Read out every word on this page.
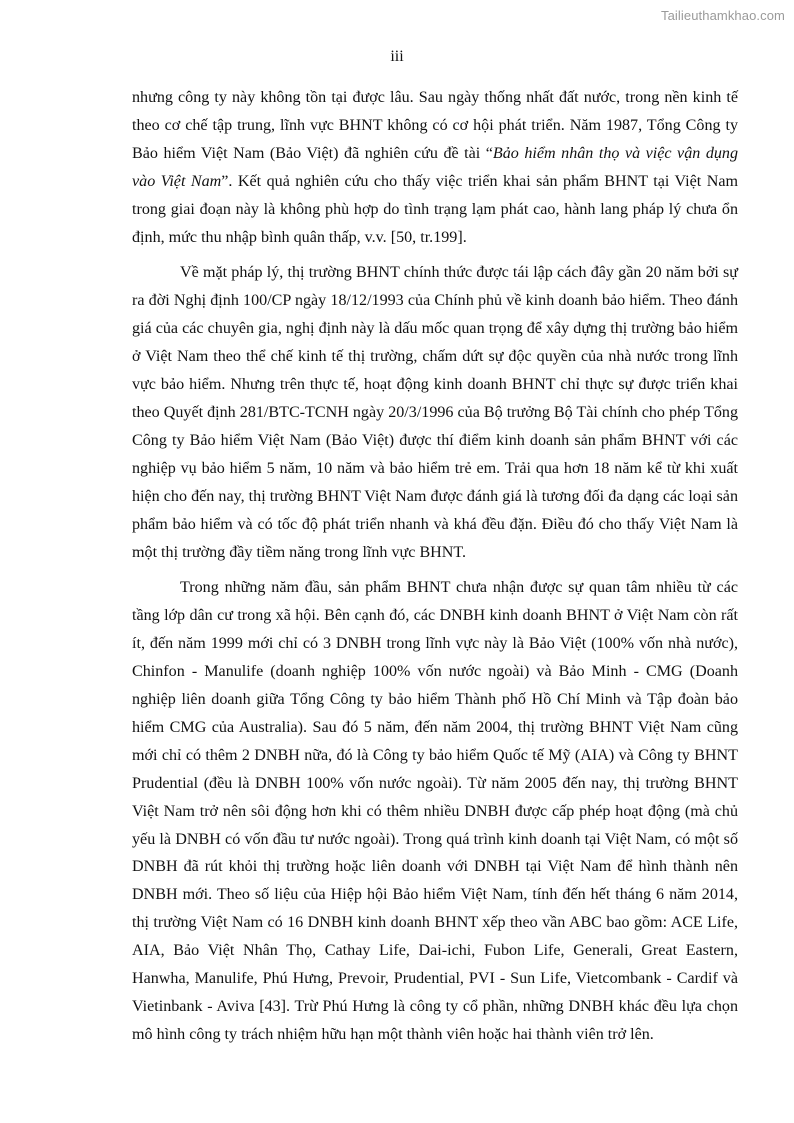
Tailieuthamkhao.com
iii

nhưng công ty này không tồn tại được lâu. Sau ngày thống nhất đất nước, trong nền kinh tế theo cơ chế tập trung, lĩnh vực BHNT không có cơ hội phát triển. Năm 1987, Tổng Công ty Bảo hiểm Việt Nam (Bảo Việt) đã nghiên cứu đề tài “Bảo hiểm nhân thọ và việc vận dụng vào Việt Nam”. Kết quả nghiên cứu cho thấy việc triển khai sản phẩm BHNT tại Việt Nam trong giai đoạn này là không phù hợp do tình trạng lạm phát cao, hành lang pháp lý chưa ổn định, mức thu nhập bình quân thấp, v.v. [50, tr.199].

Về mặt pháp lý, thị trường BHNT chính thức được tái lập cách đây gần 20 năm bởi sự ra đời Nghị định 100/CP ngày 18/12/1993 của Chính phủ về kinh doanh bảo hiểm. Theo đánh giá của các chuyên gia, nghị định này là dấu mốc quan trọng để xây dựng thị trường bảo hiểm ở Việt Nam theo thể chế kinh tế thị trường, chấm dứt sự độc quyền của nhà nước trong lĩnh vực bảo hiểm. Nhưng trên thực tế, hoạt động kinh doanh BHNT chỉ thực sự được triển khai theo Quyết định 281/BTC-TCNH ngày 20/3/1996 của Bộ trưởng Bộ Tài chính cho phép Tổng Công ty Bảo hiểm Việt Nam (Bảo Việt) được thí điểm kinh doanh sản phẩm BHNT với các nghiệp vụ bảo hiểm 5 năm, 10 năm và bảo hiểm trẻ em. Trải qua hơn 18 năm kể từ khi xuất hiện cho đến nay, thị trường BHNT Việt Nam được đánh giá là tương đối đa dạng các loại sản phẩm bảo hiểm và có tốc độ phát triển nhanh và khá đều đặn. Điều đó cho thấy Việt Nam là một thị trường đầy tiềm năng trong lĩnh vực BHNT.

Trong những năm đầu, sản phẩm BHNT chưa nhận được sự quan tâm nhiều từ các tầng lớp dân cư trong xã hội. Bên cạnh đó, các DNBH kinh doanh BHNT ở Việt Nam còn rất ít, đến năm 1999 mới chỉ có 3 DNBH trong lĩnh vực này là Bảo Việt (100% vốn nhà nước), Chinfon - Manulife (doanh nghiệp 100% vốn nước ngoài) và Bảo Minh - CMG (Doanh nghiệp liên doanh giữa Tổng Công ty bảo hiểm Thành phố Hồ Chí Minh và Tập đoàn bảo hiểm CMG của Australia). Sau đó 5 năm, đến năm 2004, thị trường BHNT Việt Nam cũng mới chỉ có thêm 2 DNBH nữa, đó là Công ty bảo hiểm Quốc tế Mỹ (AIA) và Công ty BHNT Prudential (đều là DNBH 100% vốn nước ngoài). Từ năm 2005 đến nay, thị trường BHNT Việt Nam trở nên sôi động hơn khi có thêm nhiều DNBH được cấp phép hoạt động (mà chủ yếu là DNBH có vốn đầu tư nước ngoài). Trong quá trình kinh doanh tại Việt Nam, có một số DNBH đã rút khỏi thị trường hoặc liên doanh với DNBH tại Việt Nam để hình thành nên DNBH mới. Theo số liệu của Hiệp hội Bảo hiểm Việt Nam, tính đến hết tháng 6 năm 2014, thị trường Việt Nam có 16 DNBH kinh doanh BHNT xếp theo vần ABC bao gồm: ACE Life, AIA, Bảo Việt Nhân Thọ, Cathay Life, Dai-ichi, Fubon Life, Generali, Great Eastern, Hanwha, Manulife, Phú Hưng, Prevoir, Prudential, PVI - Sun Life, Vietcombank - Cardif và Vietinbank - Aviva [43]. Trừ Phú Hưng là công ty cổ phần, những DNBH khác đều lựa chọn mô hình công ty trách nhiệm hữu hạn một thành viên hoặc hai thành viên trở lên.
